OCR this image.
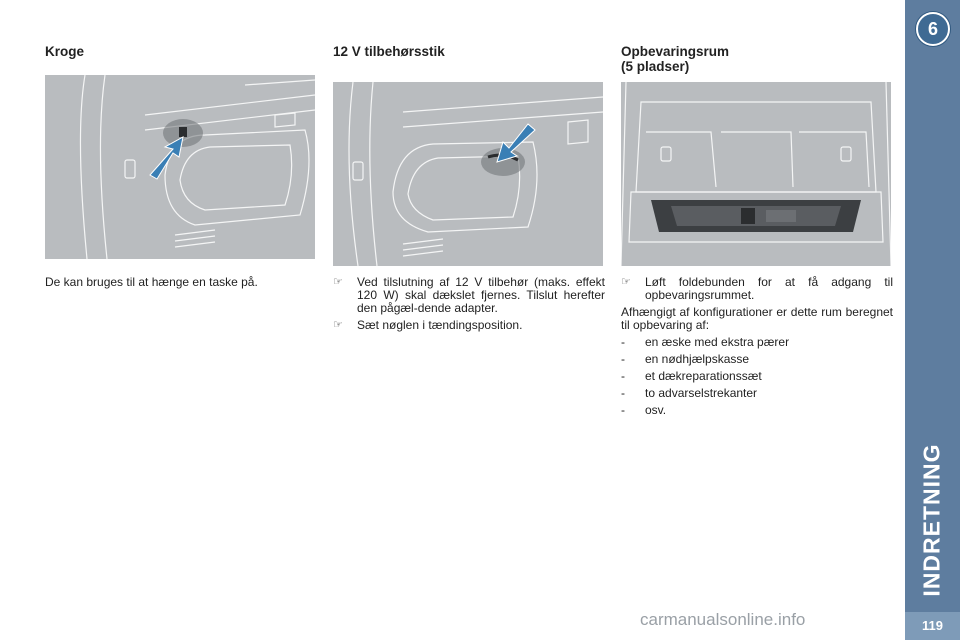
Kroge
De kan bruges til at hænge en taske på.
12 V tilbehørsstik
☞	Ved tilslutning af 12 V tilbehør (maks. effekt 120 W) skal dækslet fjernes. Tilslut herefter den pågæl-dende adapter.
☞	Sæt nøglen i tændingsposition.
Opbevaringsrum
(5 pladser)
☞	Løft foldebunden for at få adgang til opbevaringsrummet.
Afhængigt af konfigurationer er dette rum beregnet til opbevaring af:
-	en æske med ekstra pærer
-	en nødhjælpskasse
-	et dækreparationssæt
-	to advarselstrekanter
-	osv.
6
INDRETNING
119
carmanualsonline.info
